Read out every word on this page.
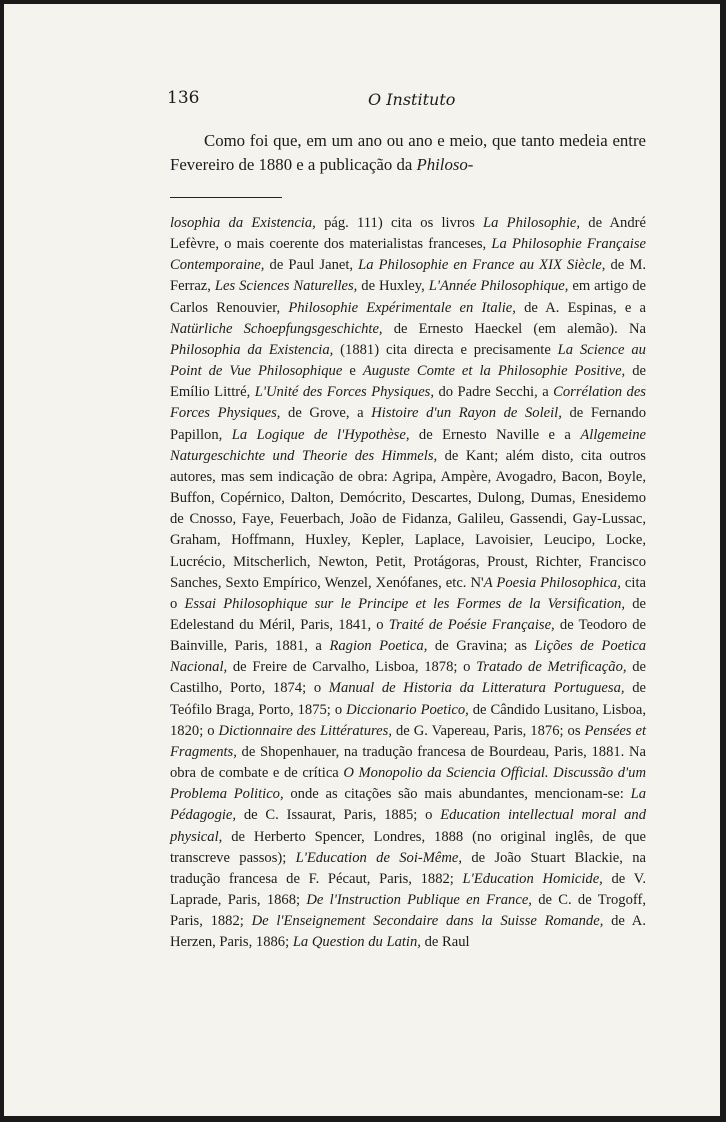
136	O Instituto

Como foi que, em um ano ou ano e meio, que tanto medeia entre Fevereiro de 1880 e a publicação da Philoso-

losophia da Existencia, pág. 111) cita os livros La Philosophie, de André Lefèvre, o mais coerente dos materialistas franceses, La Philosophie Française Contemporaine, de Paul Janet, La Philosophie en France au XIX Siècle, de M. Ferraz, Les Sciences Naturelles, de Huxley, L'Année Philosophique, em artigo de Carlos Renouvier, Philosophie Expérimentale en Italie, de A. Espinas, e a Natürliche Schoepfungsgeschichte, de Ernesto Haeckel (em alemão). Na Philosophia da Existencia, (1881) cita directa e precisamente La Science au Point de Vue Philosophique e Auguste Comte et la Philosophie Positive, de Emílio Littré, L'Unité des Forces Physiques, do Padre Secchi, a Corrélation des Forces Physiques, de Grove, a Histoire d'un Rayon de Soleil, de Fernando Papillon, La Logique de l'Hypothèse, de Ernesto Naville e a Allgemeine Naturgeschichte und Theorie des Himmels, de Kant; além disto, cita outros autores, mas sem indicação de obra: Agripa, Ampère, Avogadro, Bacon, Boyle, Buffon, Copérnico, Dalton, Demócrito, Descartes, Dulong, Dumas, Enesidemo de Cnosso, Faye, Feuerbach, João de Fidanza, Galileu, Gassendi, Gay-Lussac, Graham, Hoffmann, Huxley, Kepler, Laplace, Lavoisier, Leucipo, Locke, Lucrécio, Mitscherlich, Newton, Petit, Protágoras, Proust, Richter, Francisco Sanches, Sexto Empírico, Wenzel, Xenófanes, etc. N'A Poesia Philosophica, cita o Essai Philosophique sur le Principe et les Formes de la Versification, de Edelestand du Méril, Paris, 1841, o Traité de Poésie Française, de Teodoro de Bainville, Paris, 1881, a Ragion Poetica, de Gravina; as Lições de Poetica Nacional, de Freire de Carvalho, Lisboa, 1878; o Tratado de Metrificação, de Castilho, Porto, 1874; o Manual de Historia da Litteratura Portuguesa, de Teófilo Braga, Porto, 1875; o Diccionario Poetico, de Cândido Lusitano, Lisboa, 1820; o Dictionnaire des Littératures, de G. Vapereau, Paris, 1876; os Pensées et Fragments, de Shopenhauer, na tradução francesa de Bourdeau, Paris, 1881. Na obra de combate e de crítica O Monopolio da Sciencia Official. Discussão d'um Problema Politico, onde as citações são mais abundantes, mencionam-se: La Pédagogie, de C. Issaurat, Paris, 1885; o Education intellectual moral and physical, de Herberto Spencer, Londres, 1888 (no original inglês, de que transcreve passos); L'Education de Soi-Même, de João Stuart Blackie, na tradução francesa de F. Pécaut, Paris, 1882; L'Education Homicide, de V. Laprade, Paris, 1868; De l'Instruction Publique en France, de C. de Trogoff, Paris, 1882; De l'Enseignement Secondaire dans la Suisse Romande, de A. Herzen, Paris, 1886; La Question du Latin, de Raul
